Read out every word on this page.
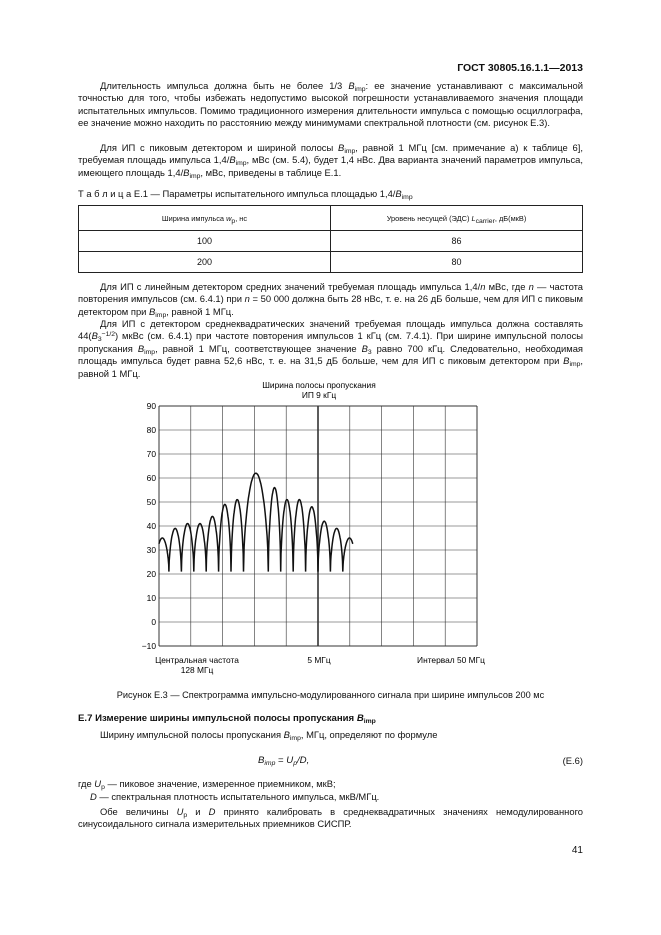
ГОСТ 30805.16.1.1—2013
Длительность импульса должна быть не более 1/3 $B_{imp}$: ее значение устанавливают с максимальной точностью для того, чтобы избежать недопустимо высокой погрешности устанавливаемого значения площади испытательных импульсов. Помимо традиционного измерения длительности импульса с помощью осциллографа, ее значение можно находить по расстоянию между минимумами спектральной плотности (см. рисунок Е.3).
Для ИП с пиковым детектором и шириной полосы $B_{imp}$, равной 1 МГц [см. примечание а) к таблице 6], требуемая площадь импульса $1,4/B_{imp}$, мВс (см. 5.4), будет 1,4 нВс. Два варианта значений параметров импульса, имеющего площадь $1,4/B_{imp}$, мВс, приведены в таблице Е.1.
Т а б л и ц а Е.1 — Параметры испытательного импульса площадью $1,4/B_{imp}$
Ширина импульса $w_p$, нс	Уровень несущей (ЭДС) $L_{carrier}$, дБ(мкВ)
100	86
200	80
Для ИП с линейным детектором средних значений требуемая площадь импульса 1,4/n мВс, где n — частота повторения импульсов (см. 6.4.1) при n = 50 000 должна быть 28 нВс, т. е. на 26 дБ больше, чем для ИП с пиковым детектором при $B_{imp}$, равной 1 МГц.
Для ИП с детектором среднеквадратических значений требуемая площадь импульса должна составлять $44(B_3^{-1/2})$ мкВс (см. 6.4.1) при частоте повторения импульсов 1 кГц (см. 7.4.1). При ширине импульсной полосы пропускания $B_{imp}$, равной 1 МГц, соответствующее значение $B_3$ равно 700 кГц. Следовательно, необходимая площадь импульса будет равна 52,6 нВс, т. е. на 31,5 дБ больше, чем для ИП с пиковым детектором при $B_{imp}$, равной 1 МГц.
Ширина полосы пропускания
ИП 9 кГц
90
80
70
60
50
40
30
20
10
0
−10
Центральная частота
128 МГц
5 МГц	Интервал 50 МГц
Рисунок Е.3 — Спектрограмма импульсно-модулированного сигнала при ширине импульсов 200 мс
Е.7 Измерение ширины импульсной полосы пропускания $B_{imp}$
Ширину импульсной полосы пропускания $B_{imp}$, МГц, определяют по формуле
$B_{imp} = U_p/D$,	(Е.6)
где $U_p$ — пиковое значение, измеренное приемником, мкВ;
D — спектральная плотность испытательного импульса, мкВ/МГц.
Обе величины $U_p$ и D принято калибровать в среднеквадратичных значениях немодулированного синусоидального сигнала измерительных приемников СИСПР.
41
